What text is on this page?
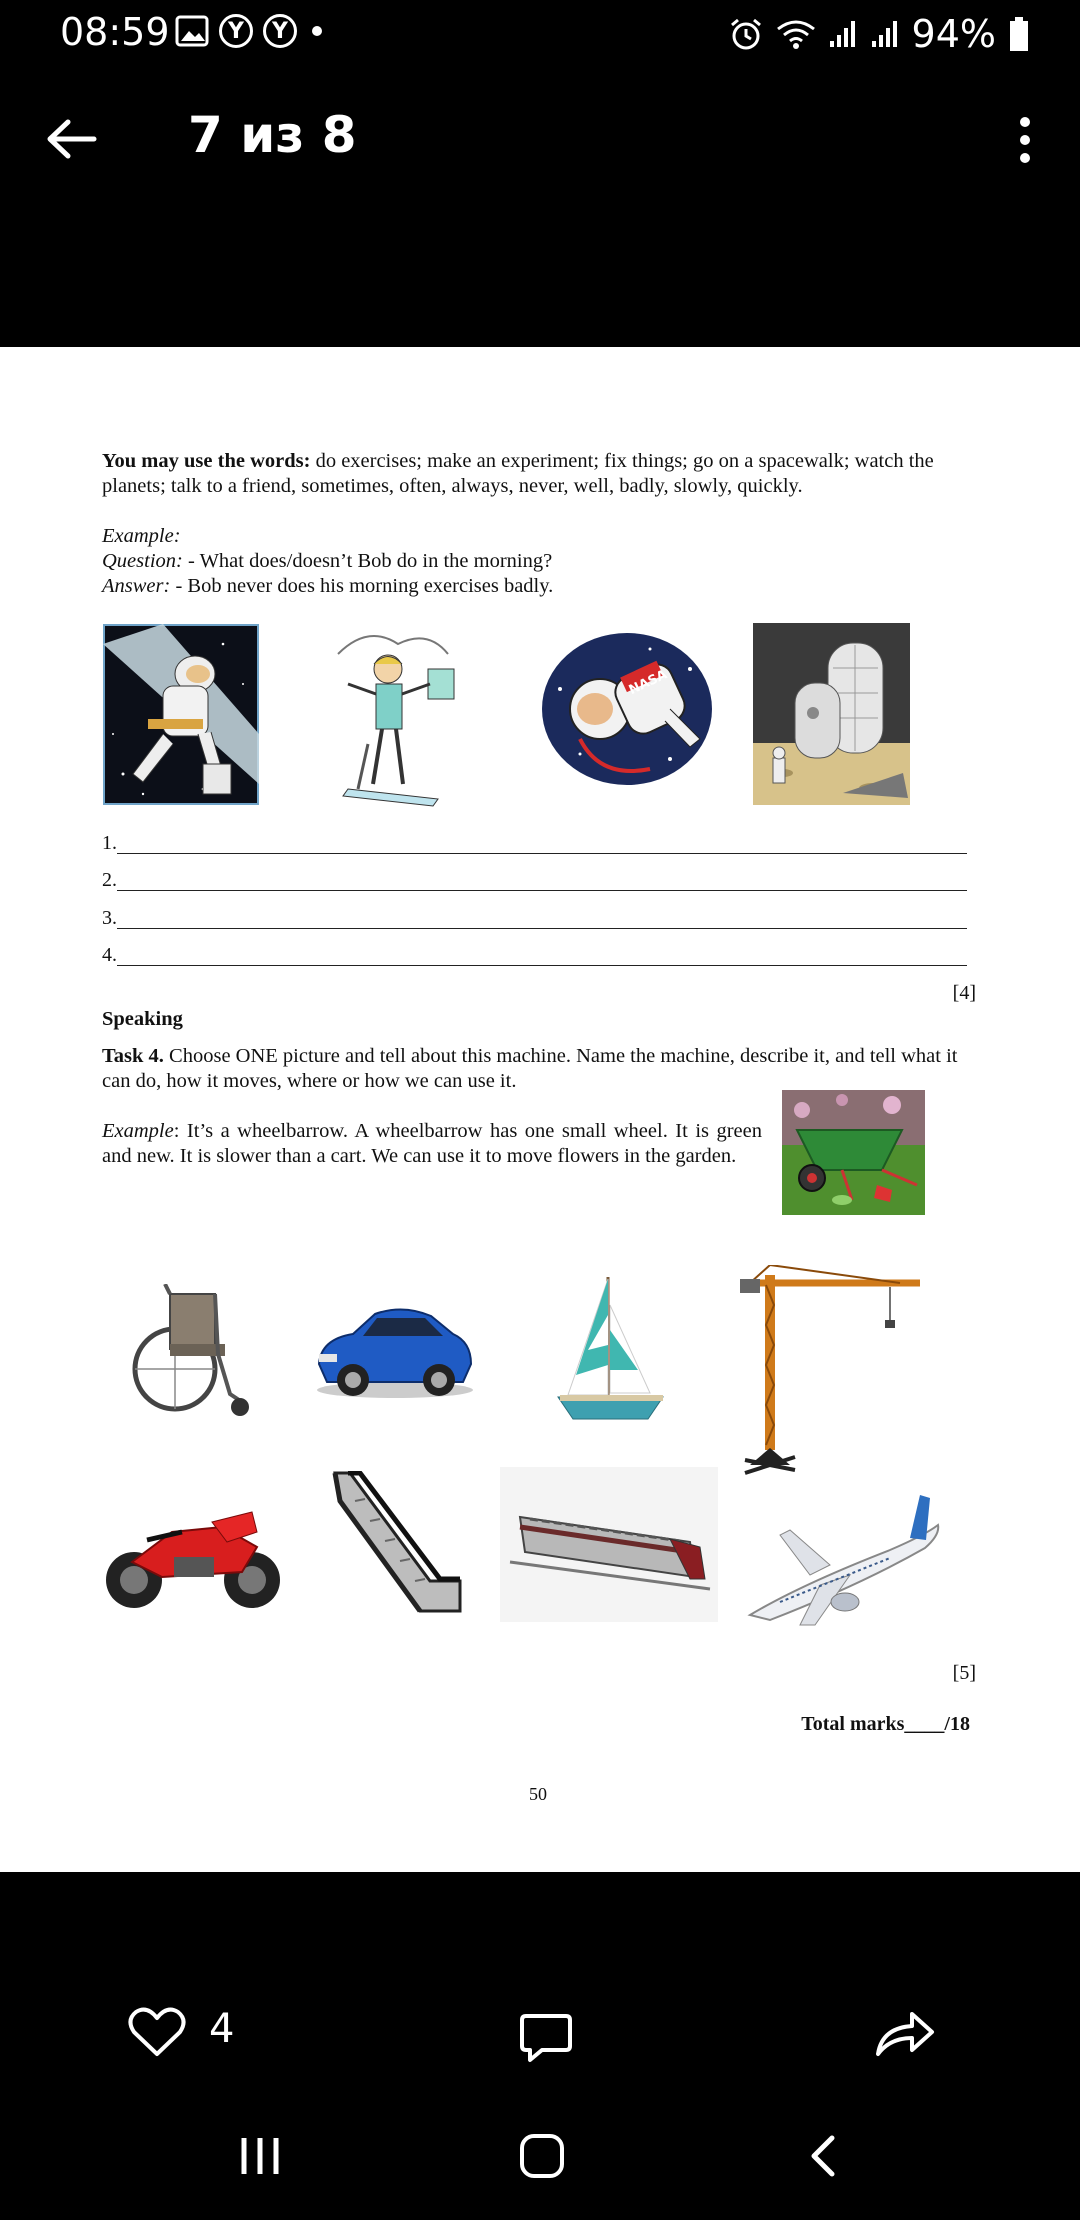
08:59	Y	Y	94%
7 из 8
You may use the words: do exercises; make an experiment; fix things; go on a spacewalk; watch the planets; talk to a friend, sometimes, often, always, never, well, badly, slowly, quickly.
Example:
Question: - What does/doesn’t Bob do in the morning?
Answer: - Bob never does his morning exercises badly.
NASA
1.
2.
3.
4.
[4]
Speaking
Task 4. Choose ONE picture and tell about this machine. Name the machine, describe it, and tell what it can do, how it moves, where or how we can use it.
Example: It’s a wheelbarrow. A wheelbarrow has one small wheel. It is green and new. It is slower than a cart. We can use it to move flowers in the garden.
[5]
Total marks____/18
50
4
